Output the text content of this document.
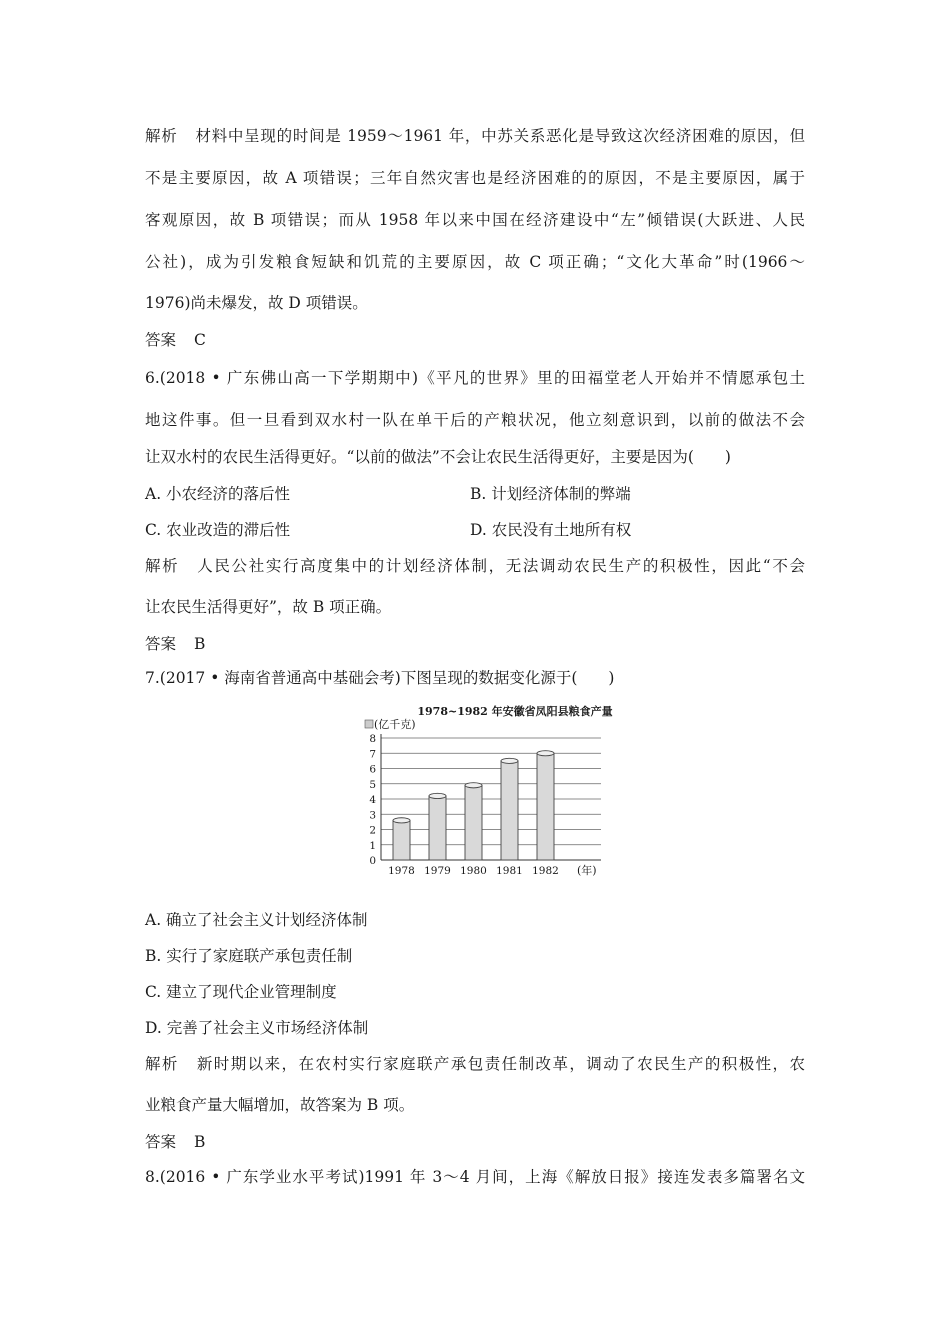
解析 材料中呈现的时间是 1959～1961 年，中苏关系恶化是导致这次经济困难的原因，但
不是主要原因，故 A 项错误；三年自然灾害也是经济困难的的原因，不是主要原因，属于
客观原因，故 B 项错误；而从 1958 年以来中国在经济建设中“左”倾错误(大跃进、人民
公社)，成为引发粮食短缺和饥荒的主要原因，故 C 项正确；“文化大革命”时(1966～
1976)尚未爆发，故 D 项错误。
答案 C
6.(2018 • 广东佛山高一下学期期中)《平凡的世界》里的田福堂老人开始并不情愿承包土
地这件事。但一旦看到双水村一队在单干后的产粮状况，他立刻意识到，以前的做法不会
让双水村的农民生活得更好。“以前的做法”不会让农民生活得更好，主要是因为(　　)
A. 小农经济的落后性	B. 计划经济体制的弊端
C. 农业改造的滞后性	D. 农民没有土地所有权
解析 人民公社实行高度集中的计划经济体制，无法调动农民生产的积极性，因此“不会
让农民生活得更好”，故 B 项正确。
答案 B
7.(2017 • 海南省普通高中基础会考)下图呈现的数据变化源于(　　)
1978~1982 年安徽省凤阳县粮食产量
(亿千克)
0
1
2
3
4
5
6
7
8
1978 1979 1980 1981 1982 (年)
A. 确立了社会主义计划经济体制
B. 实行了家庭联产承包责任制
C. 建立了现代企业管理制度
D. 完善了社会主义市场经济体制
解析 新时期以来，在农村实行家庭联产承包责任制改革，调动了农民生产的积极性，农
业粮食产量大幅增加，故答案为 B 项。
答案 B
8.(2016 • 广东学业水平考试)1991 年 3～4 月间，上海《解放日报》接连发表多篇署名文
